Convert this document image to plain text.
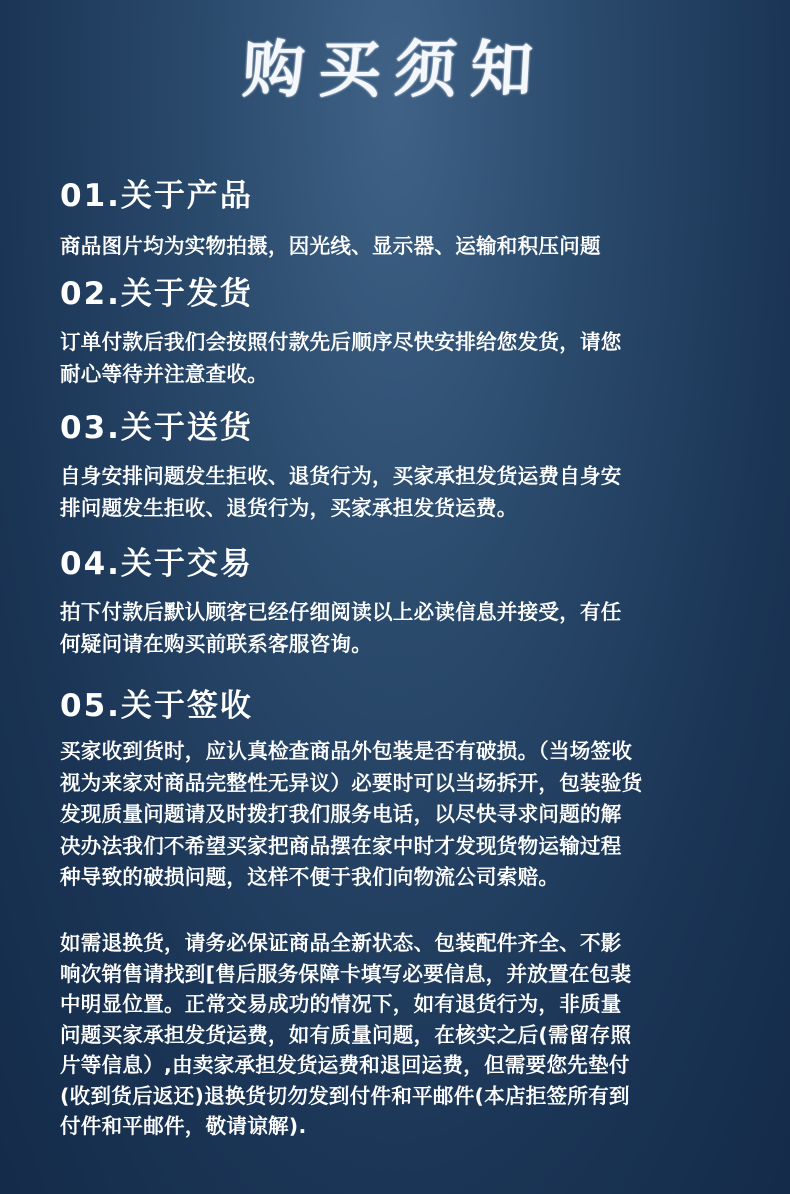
购买须知
01.关于产品
商品图片均为实物拍摄，因光线、显示器、运输和积压问题
02.关于发货
订单付款后我们会按照付款先后顺序尽快安排给您发货，请您
耐心等待并注意查收。
03.关于送货
自身安排问题发生拒收、退货行为，买家承担发货运费自身安
排问题发生拒收、退货行为，买家承担发货运费。
04.关于交易
拍下付款后默认顾客已经仔细阅读以上必读信息并接受，有任
何疑问请在购买前联系客服咨询。
05.关于签收
买家收到货时，应认真检查商品外包装是否有破损。（当场签收
视为来家对商品完整性无异议）必要时可以当场拆开，包装验货
发现质量问题请及时拨打我们服务电话，以尽快寻求问题的解
决办法我们不希望买家把商品摆在家中时才发现货物运输过程
种导致的破损问题，这样不便于我们向物流公司索赔。
如需退换货，请务必保证商品全新状态、包装配件齐全、不影
响次销售请找到[售后服务保障卡填写必要信息，并放置在包裴
中明显位置。正常交易成功的情况下，如有退货行为，非质量
问题买家承担发货运费，如有质量问题，在核实之后(需留存照
片等信息）,由卖家承担发货运费和退回运费，但需要您先垫付
(收到货后返还)退换货切勿发到付件和平邮件(本店拒签所有到
付件和平邮件，敬请谅解).
